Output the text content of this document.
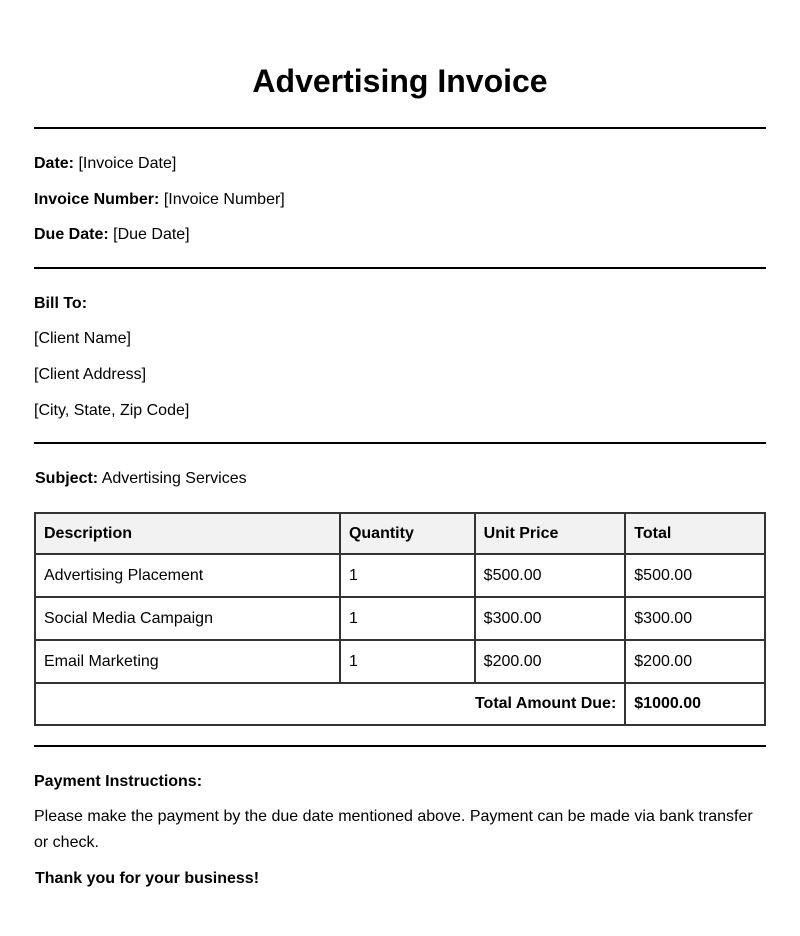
Advertising Invoice
Date: [Invoice Date]
Invoice Number: [Invoice Number]
Due Date: [Due Date]
Bill To:
[Client Name]
[Client Address]
[City, State, Zip Code]
Subject: Advertising Services
Description	Quantity	Unit Price	Total
Advertising Placement	1	$500.00	$500.00
Social Media Campaign	1	$300.00	$300.00
Email Marketing	1	$200.00	$200.00
Total Amount Due:			$1000.00
Payment Instructions:
Please make the payment by the due date mentioned above. Payment can be made via bank transfer or check.
Thank you for your business!
